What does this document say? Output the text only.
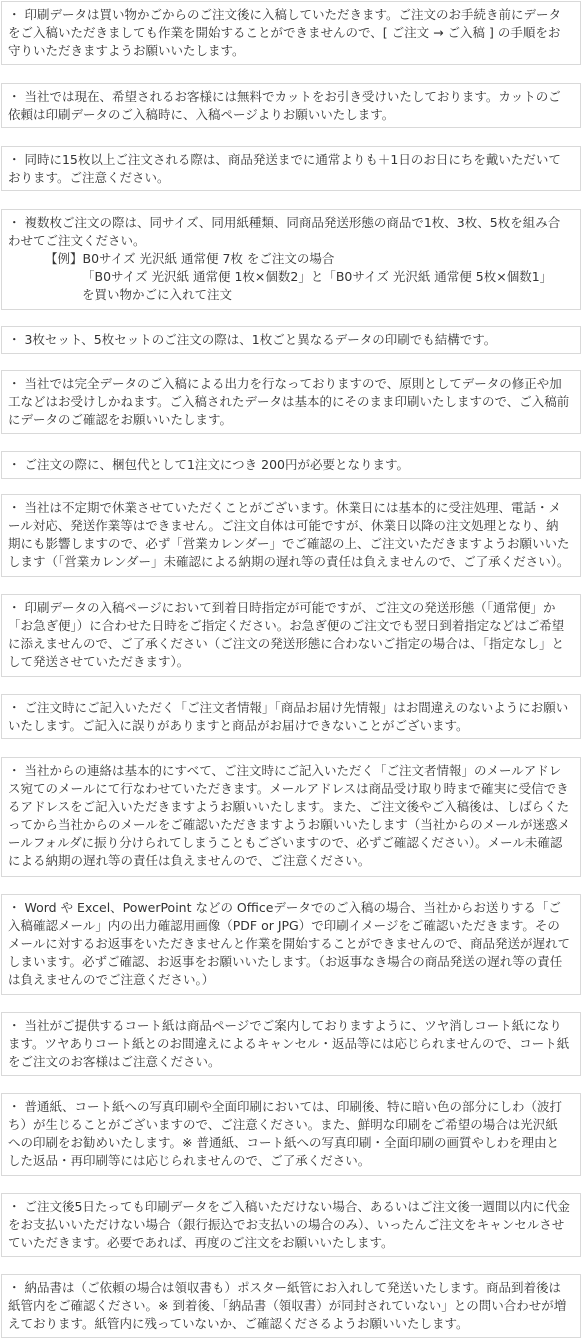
・ 印刷データは買い物かごからのご注文後に入稿していただきます。ご注文のお手続き前にデータをご入稿いただきましても作業を開始することができませんので、[ ご注文 → ご入稿 ] の手順をお守りいただきますようお願いいたします。

・ 当社では現在、希望されるお客様には無料でカットをお引き受けいたしております。カットのご依頼は印刷データのご入稿時に、入稿ページよりお願いいたします。

・ 同時に15枚以上ご注文される際は、商品発送までに通常よりも＋1日のお日にちを戴いただいております。ご注意ください。

・ 複数枚ご注文の際は、同サイズ、同用紙種類、同商品発送形態の商品で1枚、3枚、5枚を組み合わせてご注文ください。

【例】B0サイズ 光沢紙 通常便 7枚 をご注文の場合
「B0サイズ 光沢紙 通常便 1枚×個数2」と「B0サイズ 光沢紙 通常便 5枚×個数1」
を買い物かごに入れて注文

・ 3枚セット、5枚セットのご注文の際は、1枚ごと異なるデータの印刷でも結構です。

・ 当社では完全データのご入稿による出力を行なっておりますので、原則としてデータの修正や加工などはお受けしかねます。ご入稿されたデータは基本的にそのまま印刷いたしますので、ご入稿前にデータのご確認をお願いいたします。

・ ご注文の際に、梱包代として1注文につき 200円が必要となります。

・ 当社は不定期で休業させていただくことがございます。休業日には基本的に受注処理、電話・メール対応、発送作業等はできません。ご注文自体は可能ですが、休業日以降の注文処理となり、納期にも影響しますので、必ず「営業カレンダー」でご確認の上、ご注文いただきますようお願いいたします（「営業カレンダー」未確認による納期の遅れ等の責任は負えませんので、ご了承ください）。

・ 印刷データの入稿ページにおいて到着日時指定が可能ですが、ご注文の発送形態（「通常便」か「お急ぎ便」）に合わせた日時をご指定ください。お急ぎ便のご注文でも翌日到着指定などはご希望に添えませんので、ご了承ください（ご注文の発送形態に合わないご指定の場合は、「指定なし」として発送させていただきます）。

・ ご注文時にご記入いただく「ご注文者情報」「商品お届け先情報」はお間違えのないようにお願いいたします。ご記入に誤りがありますと商品がお届けできないことがございます。

・ 当社からの連絡は基本的にすべて、ご注文時にご記入いただく「ご注文者情報」のメールアドレス宛てのメールにて行なわせていただきます。メールアドレスは商品受け取り時まで確実に受信できるアドレスをご記入いただきますようお願いいたします。また、ご注文後やご入稿後は、しばらくたってから当社からのメールをご確認いただきますようお願いいたします（当社からのメールが迷惑メールフォルダに振り分けられてしまうこともございますので、必ずご確認ください）。メール未確認による納期の遅れ等の責任は負えませんので、ご注意ください。

・ Word や Excel、PowerPoint などの Officeデータでのご入稿の場合、当社からお送りする「ご入稿確認メール」内の出力確認用画像（PDF or JPG）で印刷イメージをご確認いただきます。そのメールに対するお返事をいただきませんと作業を開始することができませんので、商品発送が遅れてしまいます。必ずご確認、お返事をお願いいたします。（お返事なき場合の商品発送の遅れ等の責任は負えませんのでご注意ください。）

・ 当社がご提供するコート紙は商品ページでご案内しておりますように、ツヤ消しコート紙になります。ツヤありコート紙とのお間違えによるキャンセル・返品等には応じられませんので、コート紙をご注文のお客様はご注意ください。

・ 普通紙、コート紙への写真印刷や全面印刷においては、印刷後、特に暗い色の部分にしわ（波打ち）が生じることがございますので、ご注意ください。また、鮮明な印刷をご希望の場合は光沢紙への印刷をお勧めいたします。※ 普通紙、コート紙への写真印刷・全面印刷の画質やしわを理由とした返品・再印刷等には応じられませんので、ご了承ください。

・ ご注文後5日たっても印刷データをご入稿いただけない場合、あるいはご注文後一週間以内に代金をお支払いいただけない場合（銀行振込でお支払いの場合のみ）、いったんご注文をキャンセルさせていただきます。必要であれば、再度のご注文をお願いいたします。

・ 納品書は（ご依頼の場合は領収書も）ポスター紙管にお入れして発送いたします。商品到着後は紙管内をご確認ください。※ 到着後、「納品書（領収書）が同封されていない」との問い合わせが増えております。紙管内に残っていないか、ご確認くださるようお願いいたします。
